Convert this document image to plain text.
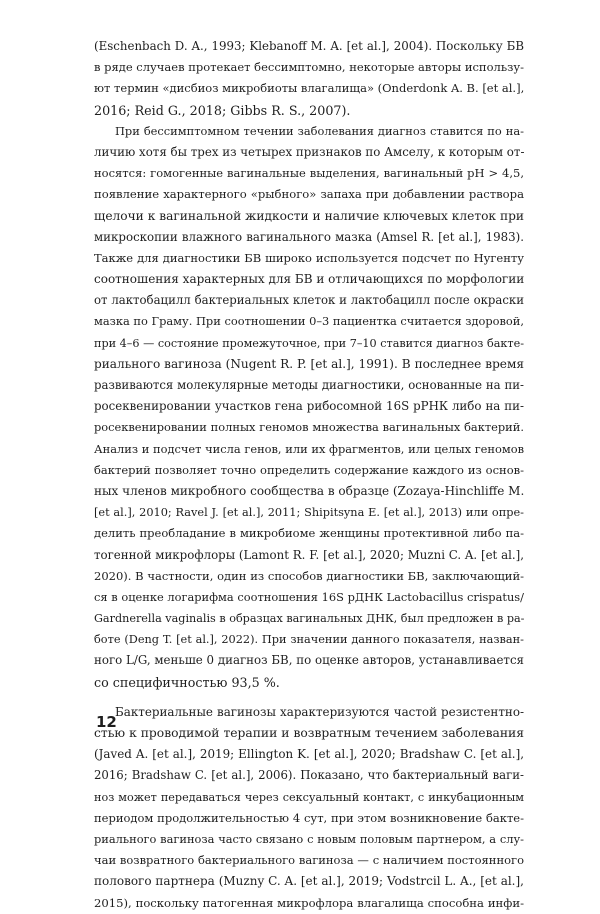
(Eschenbach D. A., 1993; Klebanoff M. A. [et al.], 2004). Поскольку БВ
в ряде случаев протекает бессимптомно, некоторые авторы использу-
ют термин «дисбиоз микробиоты влагалища» (Onderdonk A. B. [et al.],
2016; Reid G., 2018; Gibbs R. S., 2007).
При бессимптомном течении заболевания диагноз ставится по на-
личию хотя бы трех из четырех признаков по Амселу, к которым от-
носятся: гомогенные вагинальные выделения, вагинальный pH > 4,5,
появление характерного «рыбного» запаха при добавлении раствора
щелочи к вагинальной жидкости и наличие ключевых клеток при
микроскопии влажного вагинального мазка (Amsel R. [et al.], 1983).
Также для диагностики БВ широко используется подсчет по Нугенту
соотношения характерных для БВ и отличающихся по морфологии
от лактобацилл бактериальных клеток и лактобацилл после окраски
мазка по Граму. При соотношении 0–3 пациентка считается здоровой,
при 4–6 — состояние промежуточное, при 7–10 ставится диагноз бакте-
риального вагиноза (Nugent R. P. [et al.], 1991). В последнее время
развиваются молекулярные методы диагностики, основанные на пи-
росеквенировании участков гена рибосомной 16S рРНК либо на пи-
росеквенировании полных геномов множества вагинальных бактерий.
Анализ и подсчет числа генов, или их фрагментов, или целых геномов
бактерий позволяет точно определить содержание каждого из основ-
ных членов микробного сообщества в образце (Zozaya-Hinchliffe M.
[et al.], 2010; Ravel J. [et al.], 2011; Shipitsyna E. [et al.], 2013) или опре-
делить преобладание в микробиоме женщины протективной либо па-
тогенной микрофлоры (Lamont R. F. [et al.], 2020; Muzni C. A. [et al.],
2020). В частности, один из способов диагностики БВ, заключающий-
ся в оценке логарифма соотношения 16S рДНК Lactobacillus crispatus/
Gardnerella vaginalis в образцах вагинальных ДНК, был предложен в ра-
боте (Deng T. [et al.], 2022). При значении данного показателя, назван-
ного L/G, меньше 0 диагноз БВ, по оценке авторов, устанавливается
со специфичностью 93,5 %.
Бактериальные вагинозы характеризуются частой резистентно-
стью к проводимой терапии и возвратным течением заболевания
(Javed A. [et al.], 2019; Ellington K. [et al.], 2020; Bradshaw C. [et al.],
2016; Bradshaw C. [et al.], 2006). Показано, что бактериальный ваги-
ноз может передаваться через сексуальный контакт, с инкубационным
периодом продолжительностью 4 сут, при этом возникновение бакте-
риального вагиноза часто связано с новым половым партнером, а слу-
чаи возвратного бактериального вагиноза — с наличием постоянного
полового партнера (Muzny C. A. [et al.], 2019; Vodstrcil L. A., [et al.],
2015), поскольку патогенная микрофлора влагалища способна инфи-
12
